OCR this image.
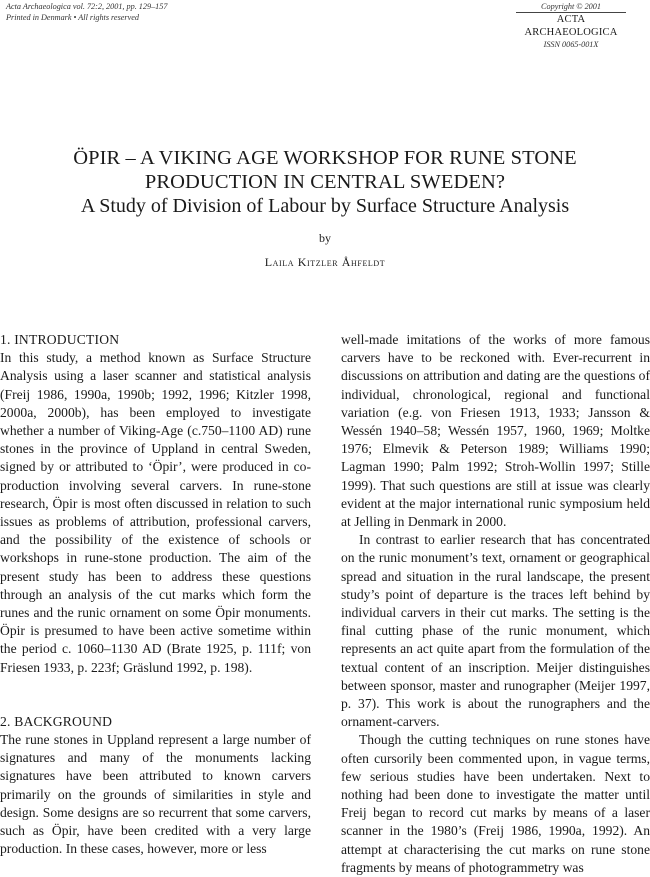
Acta Archaeologica vol. 72:2, 2001, pp. 129–157
Printed in Denmark • All rights reserved
Copyright © 2001
ACTA ARCHAEOLOGICA
ISSN 0065-001X
ÖPIR – A VIKING AGE WORKSHOP FOR RUNE STONE
PRODUCTION IN CENTRAL SWEDEN?
A Study of Division of Labour by Surface Structure Analysis
by
Laila Kitzler Åhfeldt
1. INTRODUCTION

In this study, a method known as Surface Structure Analysis using a laser scanner and statistical analysis (Freij 1986, 1990a, 1990b; 1992, 1996; Kitzler 1998, 2000a, 2000b), has been employed to investigate whether a number of Viking-Age (c.750–1100 AD) rune stones in the province of Uppland in central Sweden, signed by or attributed to ‘Öpir’, were produced in co-production involving several carvers. In rune-stone research, Öpir is most often discussed in relation to such issues as problems of attribution, professional carvers, and the possibility of the existence of schools or workshops in rune-stone production. The aim of the present study has been to address these questions through an analysis of the cut marks which form the runes and the runic ornament on some Öpir monuments. Öpir is presumed to have been active sometime within the period c. 1060–1130 AD (Brate 1925, p. 111f; von Friesen 1933, p. 223f; Gräslund 1992, p. 198).

2. BACKGROUND

The rune stones in Uppland represent a large number of signatures and many of the monuments lacking signatures have been attributed to known carvers primarily on the grounds of similarities in style and design. Some designs are so recurrent that some carvers, such as Öpir, have been credited with a very large production. In these cases, however, more or less

well-made imitations of the works of more famous carvers have to be reckoned with. Ever-recurrent in discussions on attribution and dating are the questions of individual, chronological, regional and functional variation (e.g. von Friesen 1913, 1933; Jansson & Wessén 1940–58; Wessén 1957, 1960, 1969; Moltke 1976; Elmevik & Peterson 1989; Williams 1990; Lagman 1990; Palm 1992; Stroh-Wollin 1997; Stille 1999). That such questions are still at issue was clearly evident at the major international runic symposium held at Jelling in Denmark in 2000.

In contrast to earlier research that has concentrated on the runic monument’s text, ornament or geographical spread and situation in the rural landscape, the present study’s point of departure is the traces left behind by individual carvers in their cut marks. The setting is the final cutting phase of the runic monument, which represents an act quite apart from the formulation of the textual content of an inscription. Meijer distinguishes between sponsor, master and runographer (Meijer 1997, p. 37). This work is about the runographers and the ornament-carvers.

Though the cutting techniques on rune stones have often cursorily been commented upon, in vague terms, few serious studies have been undertaken. Next to nothing had been done to investigate the matter until Freij began to record cut marks by means of a laser scanner in the 1980’s (Freij 1986, 1990a, 1992). An attempt at characterising the cut marks on rune stone fragments by means of photogrammetry was
